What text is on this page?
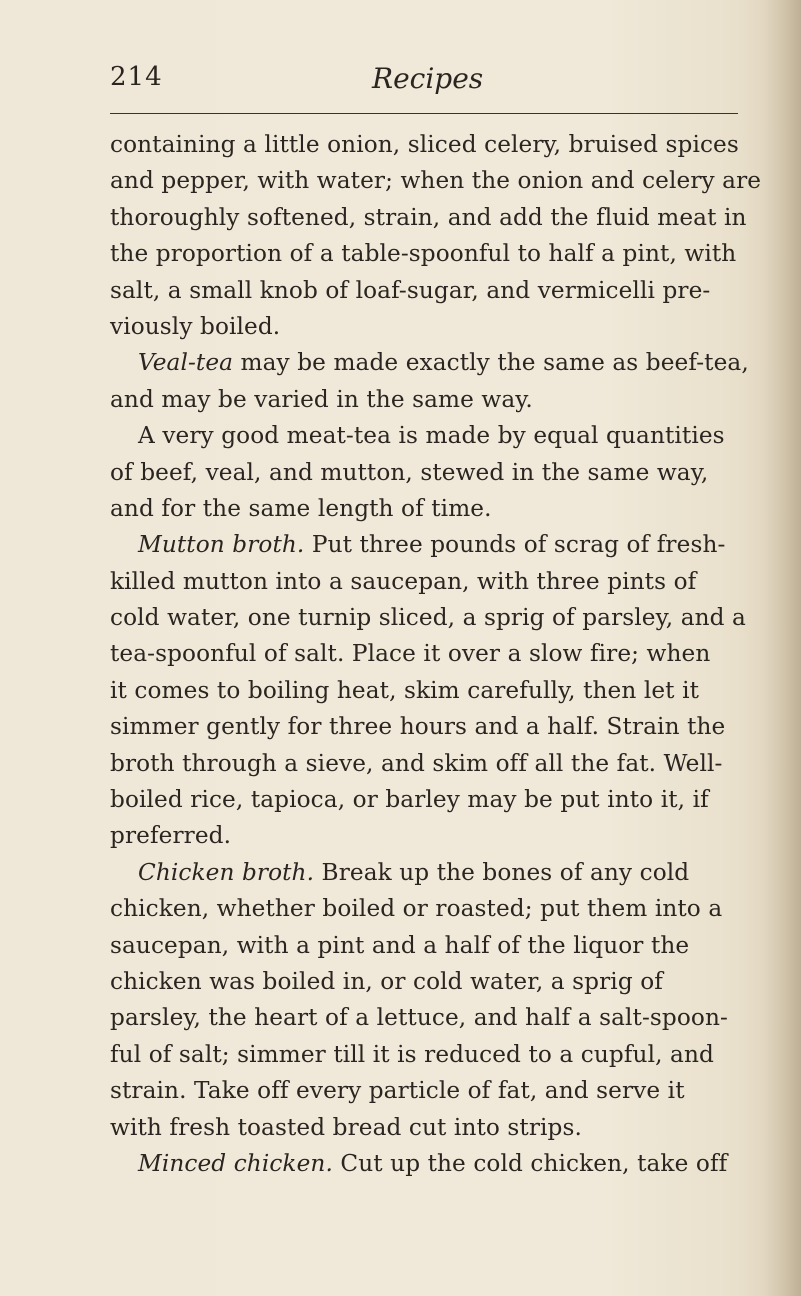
214	Recipes
containing a little onion, sliced celery, bruised spices
and pepper, with water; when the onion and celery are
thoroughly softened, strain, and add the fluid meat in
the proportion of a table-spoonful to half a pint, with
salt, a small knob of loaf-sugar, and vermicelli pre-
viously boiled.
Veal-tea may be made exactly the same as beef-tea,
and may be varied in the same way.
A very good meat-tea is made by equal quantities
of beef, veal, and mutton, stewed in the same way,
and for the same length of time.
Mutton broth. Put three pounds of scrag of fresh-
killed mutton into a saucepan, with three pints of
cold water, one turnip sliced, a sprig of parsley, and a
tea-spoonful of salt. Place it over a slow fire; when
it comes to boiling heat, skim carefully, then let it
simmer gently for three hours and a half. Strain the
broth through a sieve, and skim off all the fat. Well-
boiled rice, tapioca, or barley may be put into it, if
preferred.
Chicken broth. Break up the bones of any cold
chicken, whether boiled or roasted; put them into a
saucepan, with a pint and a half of the liquor the
chicken was boiled in, or cold water, a sprig of
parsley, the heart of a lettuce, and half a salt-spoon-
ful of salt; simmer till it is reduced to a cupful, and
strain. Take off every particle of fat, and serve it
with fresh toasted bread cut into strips.
Minced chicken. Cut up the cold chicken, take off
